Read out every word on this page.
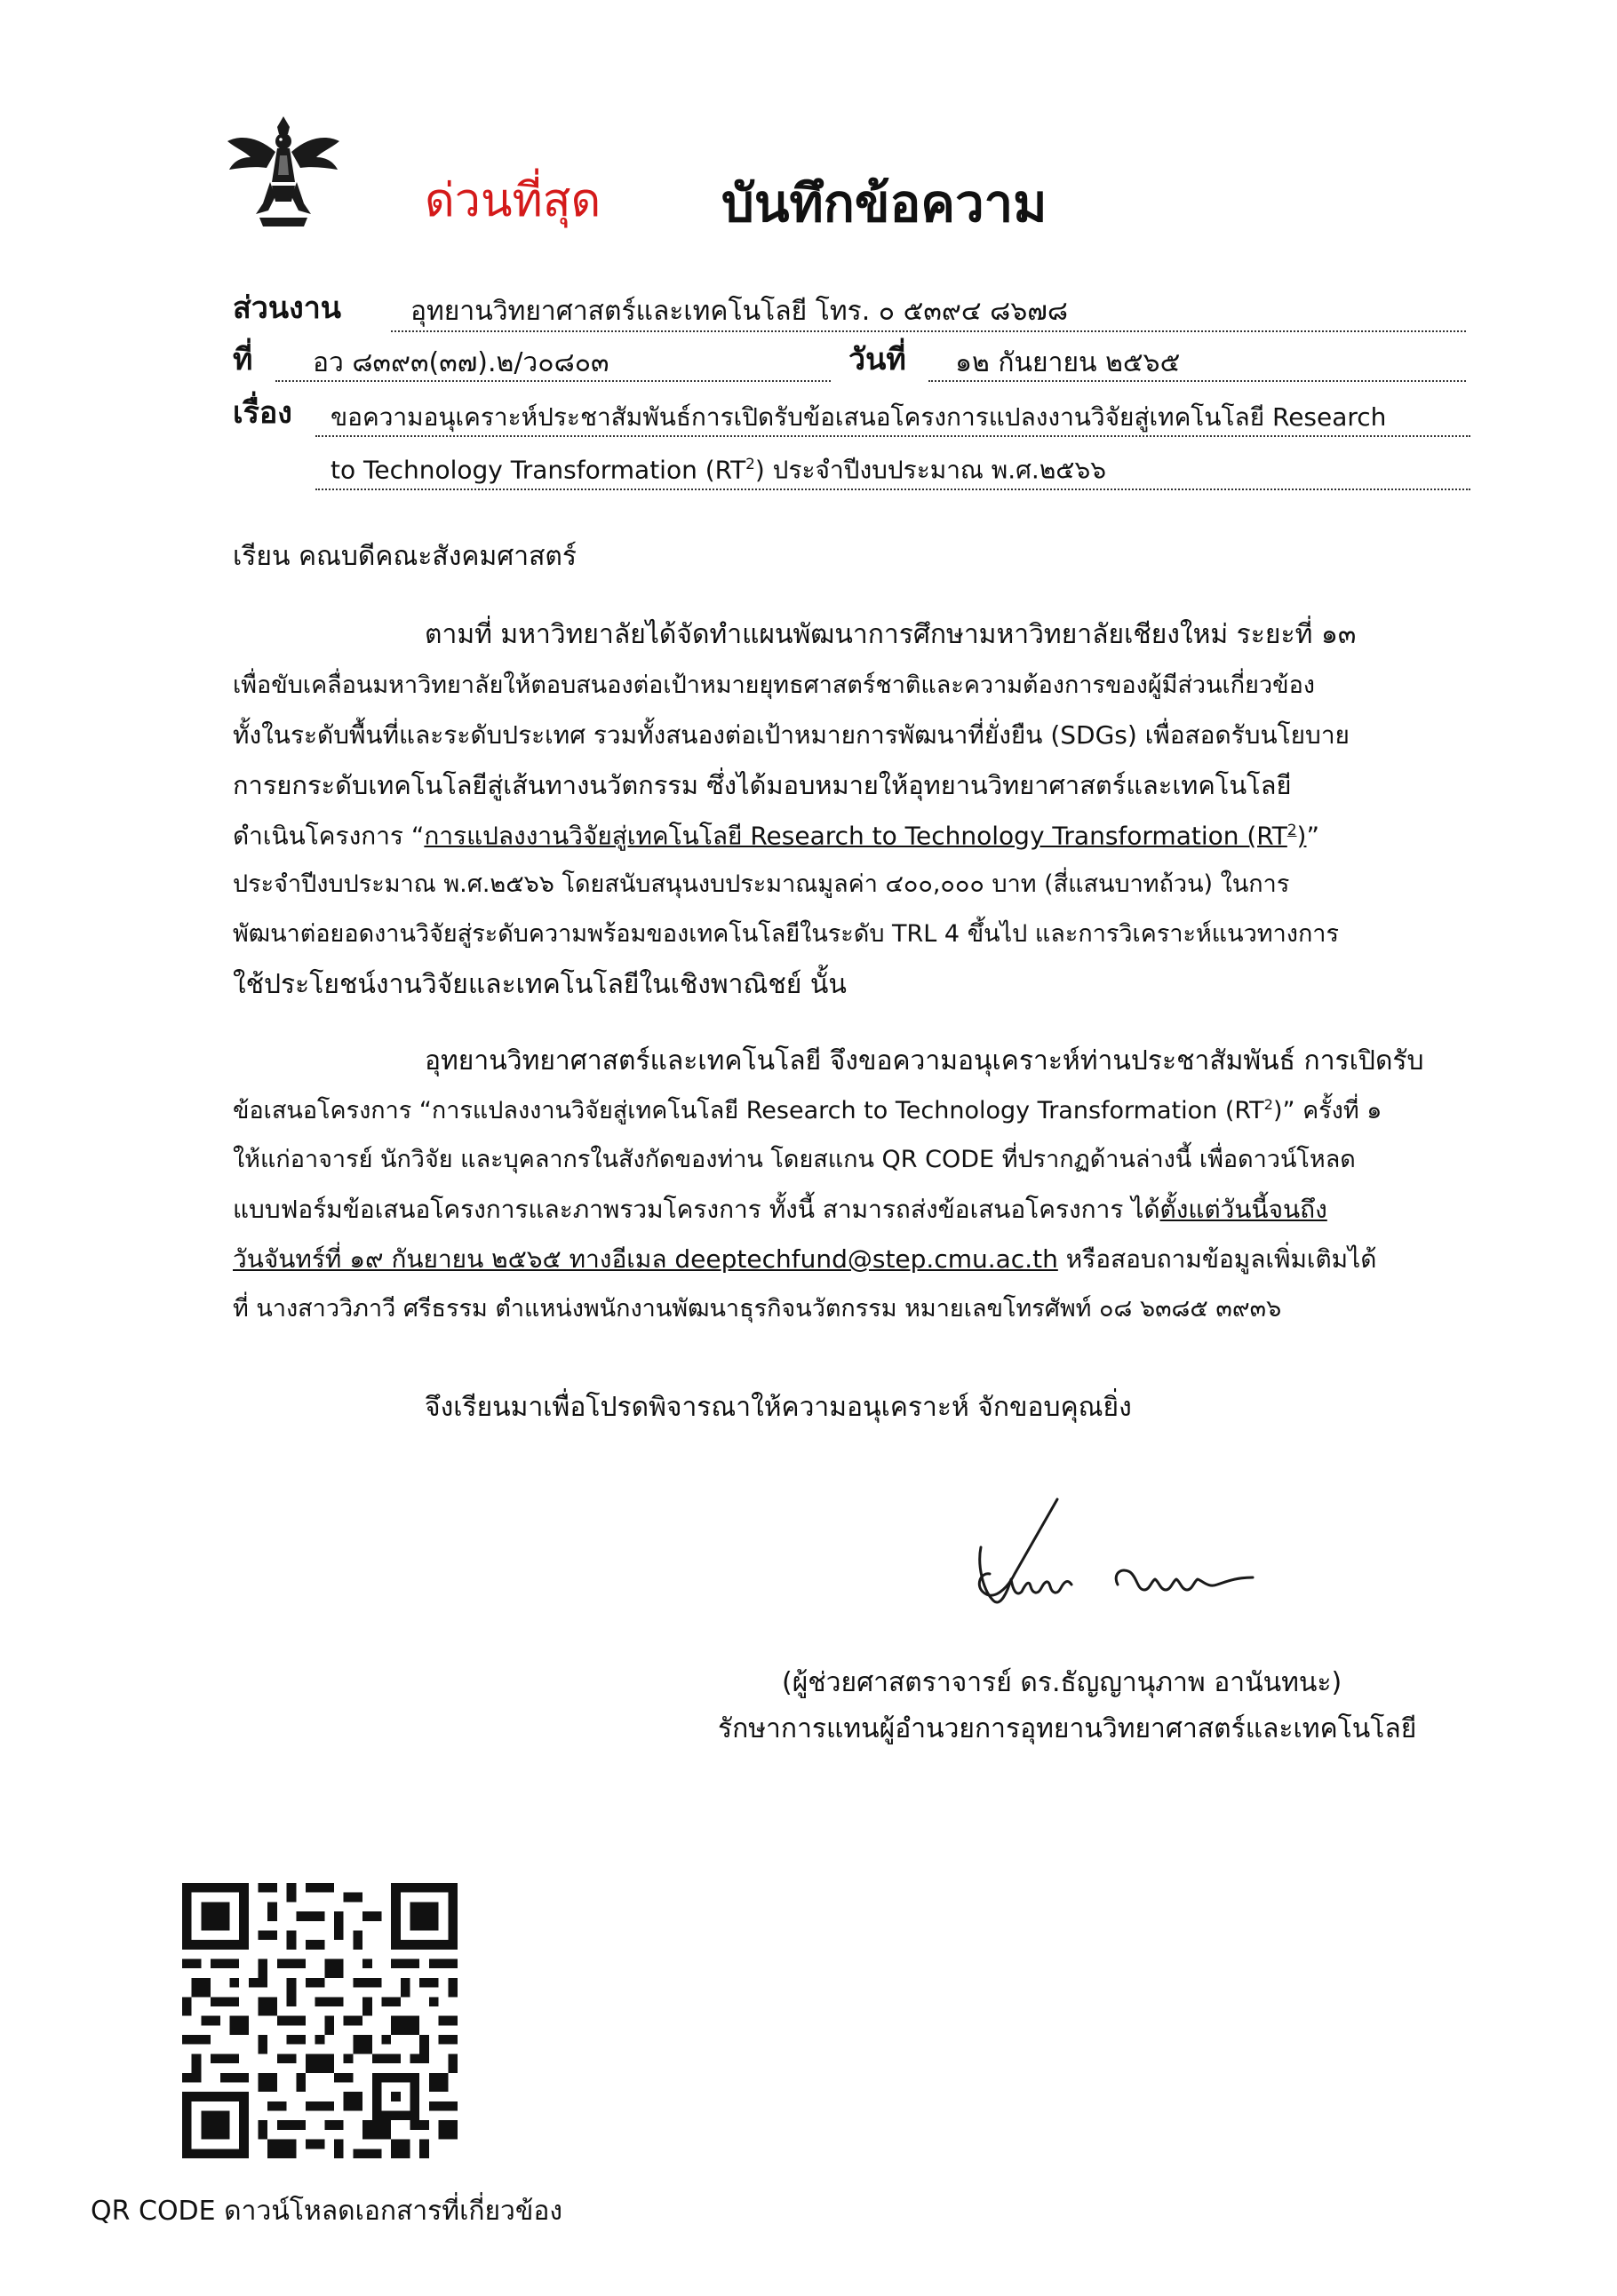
ด่วนที่สุด บันทึกข้อความ
ส่วนงาน	อุทยานวิทยาศาสตร์และเทคโนโลยี โทร. ๐ ๕๓๙๔ ๘๖๗๘
ที่ อว ๘๓๙๓(๓๗).๒/ว๐๘๐๓	วันที่ ๑๒ กันยายน ๒๕๖๕
เรื่อง ขอความอนุเคราะห์ประชาสัมพันธ์การเปิดรับข้อเสนอโครงการแปลงงานวิจัยสู่เทคโนโลยี Research
to Technology Transformation $(RT^2)$ ประจำปีงบประมาณ พ.ศ.๒๕๖๖
เรียน คณบดีคณะสังคมศาสตร์
ตามที่ มหาวิทยาลัยได้จัดทำแผนพัฒนาการศึกษามหาวิทยาลัยเชียงใหม่ ระยะที่ ๑๓
เพื่อขับเคลื่อนมหาวิทยาลัยให้ตอบสนองต่อเป้าหมายยุทธศาสตร์ชาติและความต้องการของผู้มีส่วนเกี่ยวข้อง
ทั้งในระดับพื้นที่และระดับประเทศ รวมทั้งสนองต่อเป้าหมายการพัฒนาที่ยั่งยืน (SDGs) เพื่อสอดรับนโยบาย
การยกระดับเทคโนโลยีสู่เส้นทางนวัตกรรม ซึ่งได้มอบหมายให้อุทยานวิทยาศาสตร์และเทคโนโลยี
ดำเนินโครงการ “การแปลงงานวิจัยสู่เทคโนโลยี Research to Technology Transformation $(RT^2)$”
ประจำปีงบประมาณ พ.ศ.๒๕๖๖ โดยสนับสนุนงบประมาณมูลค่า ๔๐๐,๐๐๐ บาท (สี่แสนบาทถ้วน) ในการ
พัฒนาต่อยอดงานวิจัยสู่ระดับความพร้อมของเทคโนโลยีในระดับ TRL 4 ขึ้นไป และการวิเคราะห์แนวทางการ
ใช้ประโยชน์งานวิจัยและเทคโนโลยีในเชิงพาณิชย์ นั้น
อุทยานวิทยาศาสตร์และเทคโนโลยี จึงขอความอนุเคราะห์ท่านประชาสัมพันธ์ การเปิดรับ
ข้อเสนอโครงการ “การแปลงงานวิจัยสู่เทคโนโลยี Research to Technology Transformation $(RT^2)$” ครั้งที่ ๑
ให้แก่อาจารย์ นักวิจัย และบุคลากรในสังกัดของท่าน โดยสแกน QR CODE ที่ปรากฏด้านล่างนี้ เพื่อดาวน์โหลด
แบบฟอร์มข้อเสนอโครงการและภาพรวมโครงการ ทั้งนี้ สามารถส่งข้อเสนอโครงการ ได้ตั้งแต่วันนี้จนถึง
วันจันทร์ที่ ๑๙ กันยายน ๒๕๖๕ ทางอีเมล deeptechfund@step.cmu.ac.th หรือสอบถามข้อมูลเพิ่มเติมได้
ที่ นางสาววิภาวี ศรีธรรม ตำแหน่งพนักงานพัฒนาธุรกิจนวัตกรรม หมายเลขโทรศัพท์ ๐๘ ๖๓๘๕ ๓๙๓๖
จึงเรียนมาเพื่อโปรดพิจารณาให้ความอนุเคราะห์ จักขอบคุณยิ่ง
(ผู้ช่วยศาสตราจารย์ ดร.ธัญญานุภาพ อานันทนะ)
รักษาการแทนผู้อำนวยการอุทยานวิทยาศาสตร์และเทคโนโลยี
QR CODE ดาวน์โหลดเอกสารที่เกี่ยวข้อง
